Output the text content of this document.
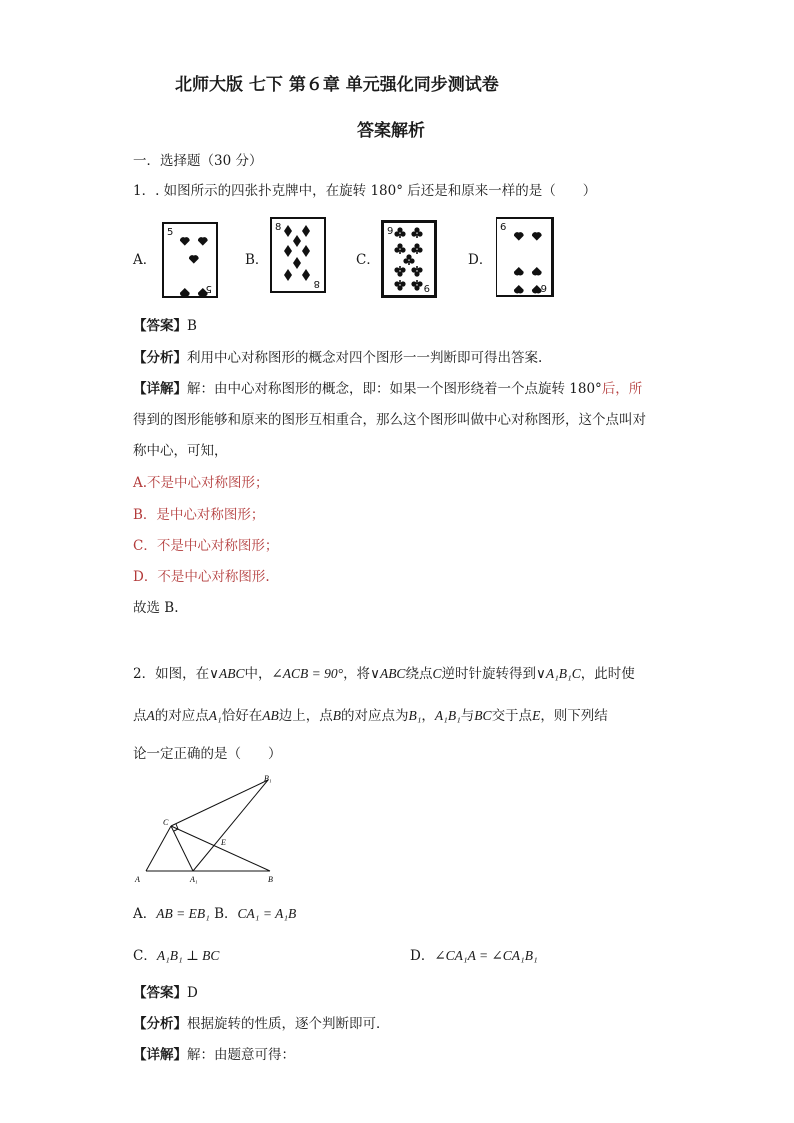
北师大版 七下 第６章 单元强化同步测试卷
答案解析
一．选择题（30 分）
1．. 如图所示的四张扑克牌中，在旋转 180° 后还是和原来一样的是（　　）
A．
5
5
B．
8
8
C．
9
9
D．
6
6
【答案】B
【分析】利用中心对称图形的概念对四个图形一一判断即可得出答案.
【详解】解：由中心对称图形的概念，即：如果一个图形绕着一个点旋转 180°后，所
得到的图形能够和原来的图形互相重合，那么这个图形叫做中心对称图形，这个点叫对
称中心，可知，
A.不是中心对称图形；
B．是中心对称图形；
C．不是中心对称图形；
D．不是中心对称图形.
故选 B.
2．如图，在∨ABC中，∠ACB = 90°，将∨ABC绕点C逆时针旋转得到∨A₁B₁C，此时使
点A的对应点A₁恰好在AB边上，点B的对应点为B₁，A₁B₁与BC交于点E，则下列结
论一定正确的是（　　）
B₁
C
E
A	A₁	B
A．AB = EB₁ B．CA₁ = A₁B
C．A₁B₁ ⊥ BC	D．∠CA₁A = ∠CA₁B₁
【答案】D
【分析】根据旋转的性质，逐个判断即可．
【详解】解：由题意可得：
